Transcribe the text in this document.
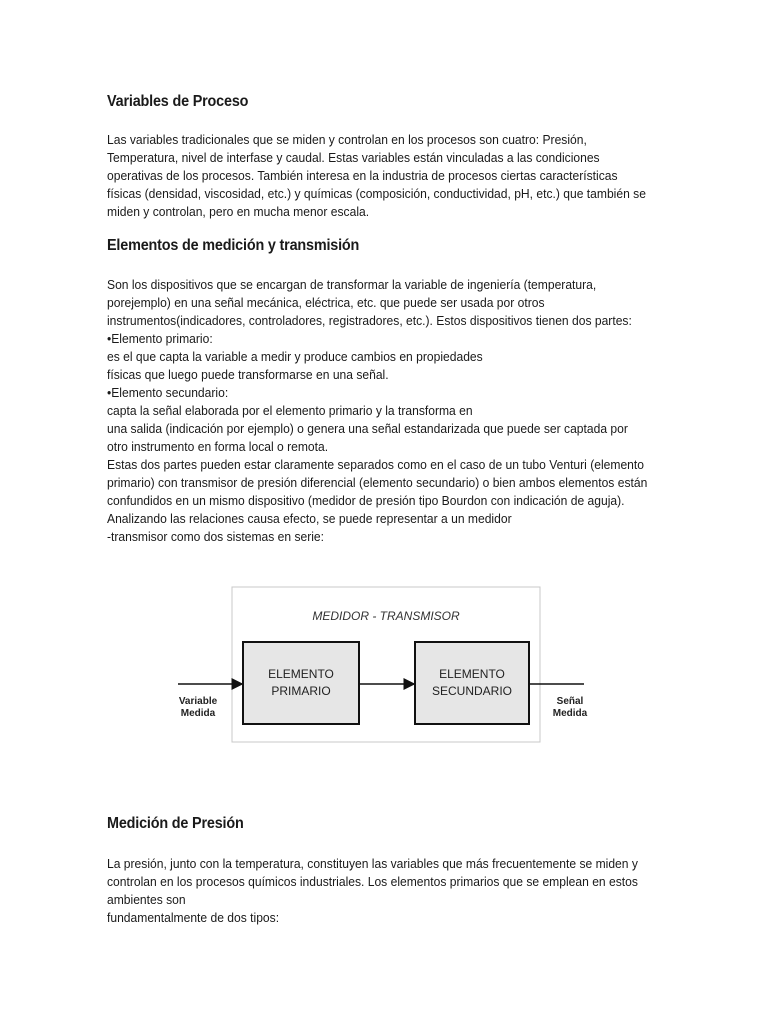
Variables de Proceso
Las variables tradicionales que se miden y controlan en los procesos son cuatro: Presión,
Temperatura, nivel de interfase y caudal. Estas variables están vinculadas a las condiciones
operativas de los procesos. También interesa en la industria de procesos ciertas características
físicas (densidad, viscosidad, etc.) y químicas (composición, conductividad, pH, etc.) que también se
miden y controlan, pero en mucha menor escala.
Elementos de medición y transmisión
Son los dispositivos que se encargan de transformar la variable de ingeniería (temperatura,
porejemplo) en una señal mecánica, eléctrica, etc. que puede ser usada por otros
instrumentos(indicadores, controladores, registradores, etc.). Estos dispositivos tienen dos partes:
•Elemento primario:
es el que capta la variable a medir y produce cambios en propiedades
físicas que luego puede transformarse en una señal.
•Elemento secundario:
capta la señal elaborada por el elemento primario y la transforma en
una salida (indicación por ejemplo) o genera una señal estandarizada que puede ser captada por
otro instrumento en forma local o remota.
Estas dos partes pueden estar claramente separados como en el caso de un tubo Venturi (elemento
primario) con transmisor de presión diferencial (elemento secundario) o bien ambos elementos están
confundidos en un mismo dispositivo (medidor de presión tipo Bourdon con indicación de aguja).
Analizando las relaciones causa efecto, se puede representar a un medidor
-transmisor como dos sistemas en serie:
MEDIDOR - TRANSMISOR
ELEMENTO
PRIMARIO
ELEMENTO
SECUNDARIO
Variable
Medida
Señal
Medida
Medición de Presión
La presión, junto con la temperatura, constituyen las variables que más frecuentemente se miden y
controlan en los procesos químicos industriales. Los elementos primarios que se emplean en estos
ambientes son
fundamentalmente de dos tipos:
